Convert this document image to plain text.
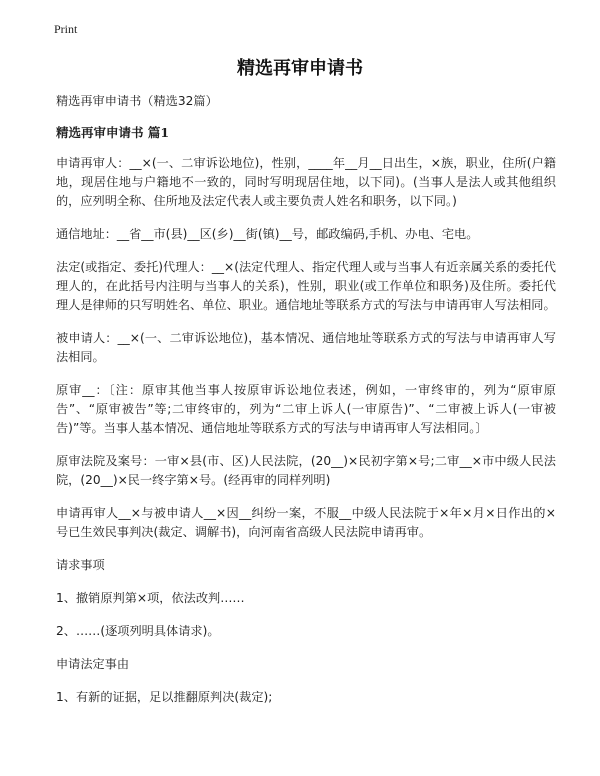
Print
精选再审申请书

精选再审申请书（精选32篇）

精选再审申请书 篇1

申请再审人：__×(一、二审诉讼地位)，性别，____年__月__日出生，×族，职业，住所(户籍地，现居住地与户籍地不一致的，同时写明现居住地，以下同)。(当事人是法人或其他组织的，应列明全称、住所地及法定代表人或主要负责人姓名和职务，以下同。)

通信地址：__省__市(县)__区(乡)__街(镇)__号，邮政编码,手机、办电、宅电。

法定(或指定、委托)代理人：__×(法定代理人、指定代理人或与当事人有近亲属关系的委托代理人的，在此括号内注明与当事人的关系)，性别，职业(或工作单位和职务)及住所。委托代理人是律师的只写明姓名、单位、职业。通信地址等联系方式的写法与申请再审人写法相同。

被申请人：__×(一、二审诉讼地位)，基本情况、通信地址等联系方式的写法与申请再审人写法相同。

原审__：〔注：原审其他当事人按原审诉讼地位表述，例如，一审终审的，列为“原审原告”、“原审被告”等;二审终审的，列为“二审上诉人(一审原告)”、“二审被上诉人(一审被告)”等。当事人基本情况、通信地址等联系方式的写法与申请再审人写法相同。〕

原审法院及案号：一审×县(市、区)人民法院，(20__)×民初字第×号;二审__×市中级人民法院，(20__)×民一终字第×号。(经再审的同样列明)

申请再审人__×与被申请人__×因__纠纷一案，不服__中级人民法院于×年×月×日作出的×号已生效民事判决(裁定、调解书)，向河南省高级人民法院申请再审。

请求事项

1、撤销原判第×项，依法改判……

2、……(逐项列明具体请求)。

申请法定事由

1、有新的证据，足以推翻原判决(裁定);
